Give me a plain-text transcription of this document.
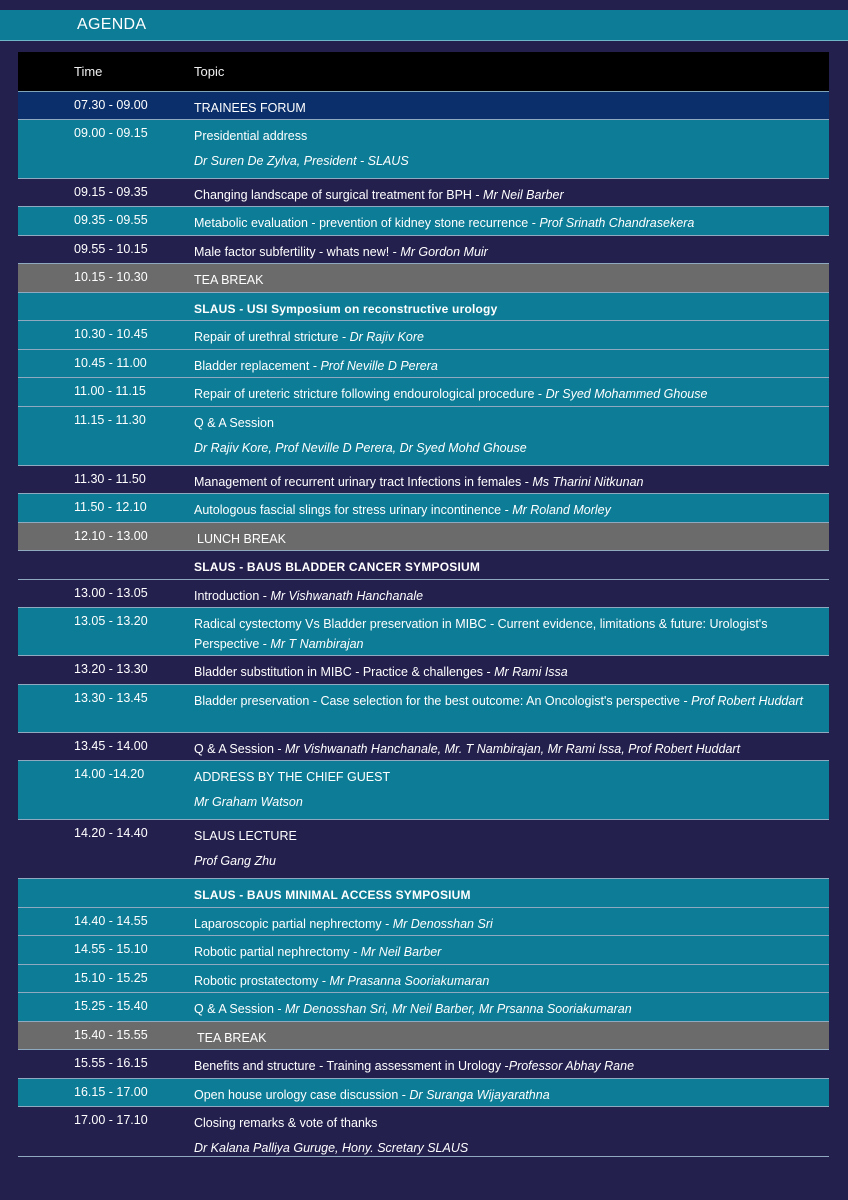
AGENDA
Time	Topic
07.30 - 09.00	TRAINEES FORUM
09.00 - 09.15	Presidential address
Dr Suren De Zylva, President - SLAUS
09.15 - 09.35	Changing landscape of surgical treatment for BPH - Mr Neil Barber
09.35 - 09.55	Metabolic evaluation - prevention of kidney stone recurrence - Prof Srinath Chandrasekera
09.55 - 10.15	Male factor subfertility - whats new! - Mr Gordon Muir
10.15 - 10.30	TEA BREAK
SLAUS - USI Symposium on reconstructive urology
10.30 - 10.45	Repair of urethral stricture - Dr Rajiv Kore
10.45 - 11.00	Bladder replacement - Prof Neville D Perera
11.00 - 11.15	Repair of ureteric stricture following endourological procedure - Dr Syed Mohammed Ghouse
11.15 - 11.30	Q & A Session
Dr Rajiv Kore, Prof Neville D Perera, Dr Syed Mohd Ghouse
11.30 - 11.50	Management of recurrent urinary tract Infections in females - Ms Tharini Nitkunan
11.50 - 12.10	Autologous fascial slings for stress urinary incontinence - Mr Roland Morley
12.10 - 13.00	LUNCH BREAK
SLAUS - BAUS BLADDER CANCER SYMPOSIUM
13.00 - 13.05	Introduction - Mr Vishwanath Hanchanale
13.05 - 13.20	Radical cystectomy Vs Bladder preservation in MIBC - Current evidence, limitations & future: Urologist's Perspective - Mr T Nambirajan
13.20 - 13.30	Bladder substitution in MIBC - Practice & challenges - Mr Rami Issa
13.30 - 13.45	Bladder preservation - Case selection for the best outcome: An Oncologist's perspective - Prof Robert Huddart
13.45 - 14.00	Q & A Session - Mr Vishwanath Hanchanale, Mr. T Nambirajan, Mr Rami Issa, Prof Robert Huddart
14.00 -14.20	ADDRESS BY THE CHIEF GUEST
Mr Graham Watson
14.20 - 14.40	SLAUS LECTURE
Prof Gang Zhu
SLAUS - BAUS MINIMAL ACCESS SYMPOSIUM
14.40 - 14.55	Laparoscopic partial nephrectomy - Mr Denosshan Sri
14.55 - 15.10	Robotic partial nephrectomy - Mr Neil Barber
15.10 - 15.25	Robotic prostatectomy - Mr Prasanna Sooriakumaran
15.25 - 15.40	Q & A Session - Mr Denosshan Sri, Mr Neil Barber, Mr Prsanna Sooriakumaran
15.40 - 15.55	TEA BREAK
15.55 - 16.15	Benefits and structure - Training assessment in Urology -Professor Abhay Rane
16.15 - 17.00	Open house urology case discussion - Dr Suranga Wijayarathna
17.00 - 17.10	Closing remarks & vote of thanks
Dr Kalana Palliya Guruge, Hony. Scretary SLAUS
